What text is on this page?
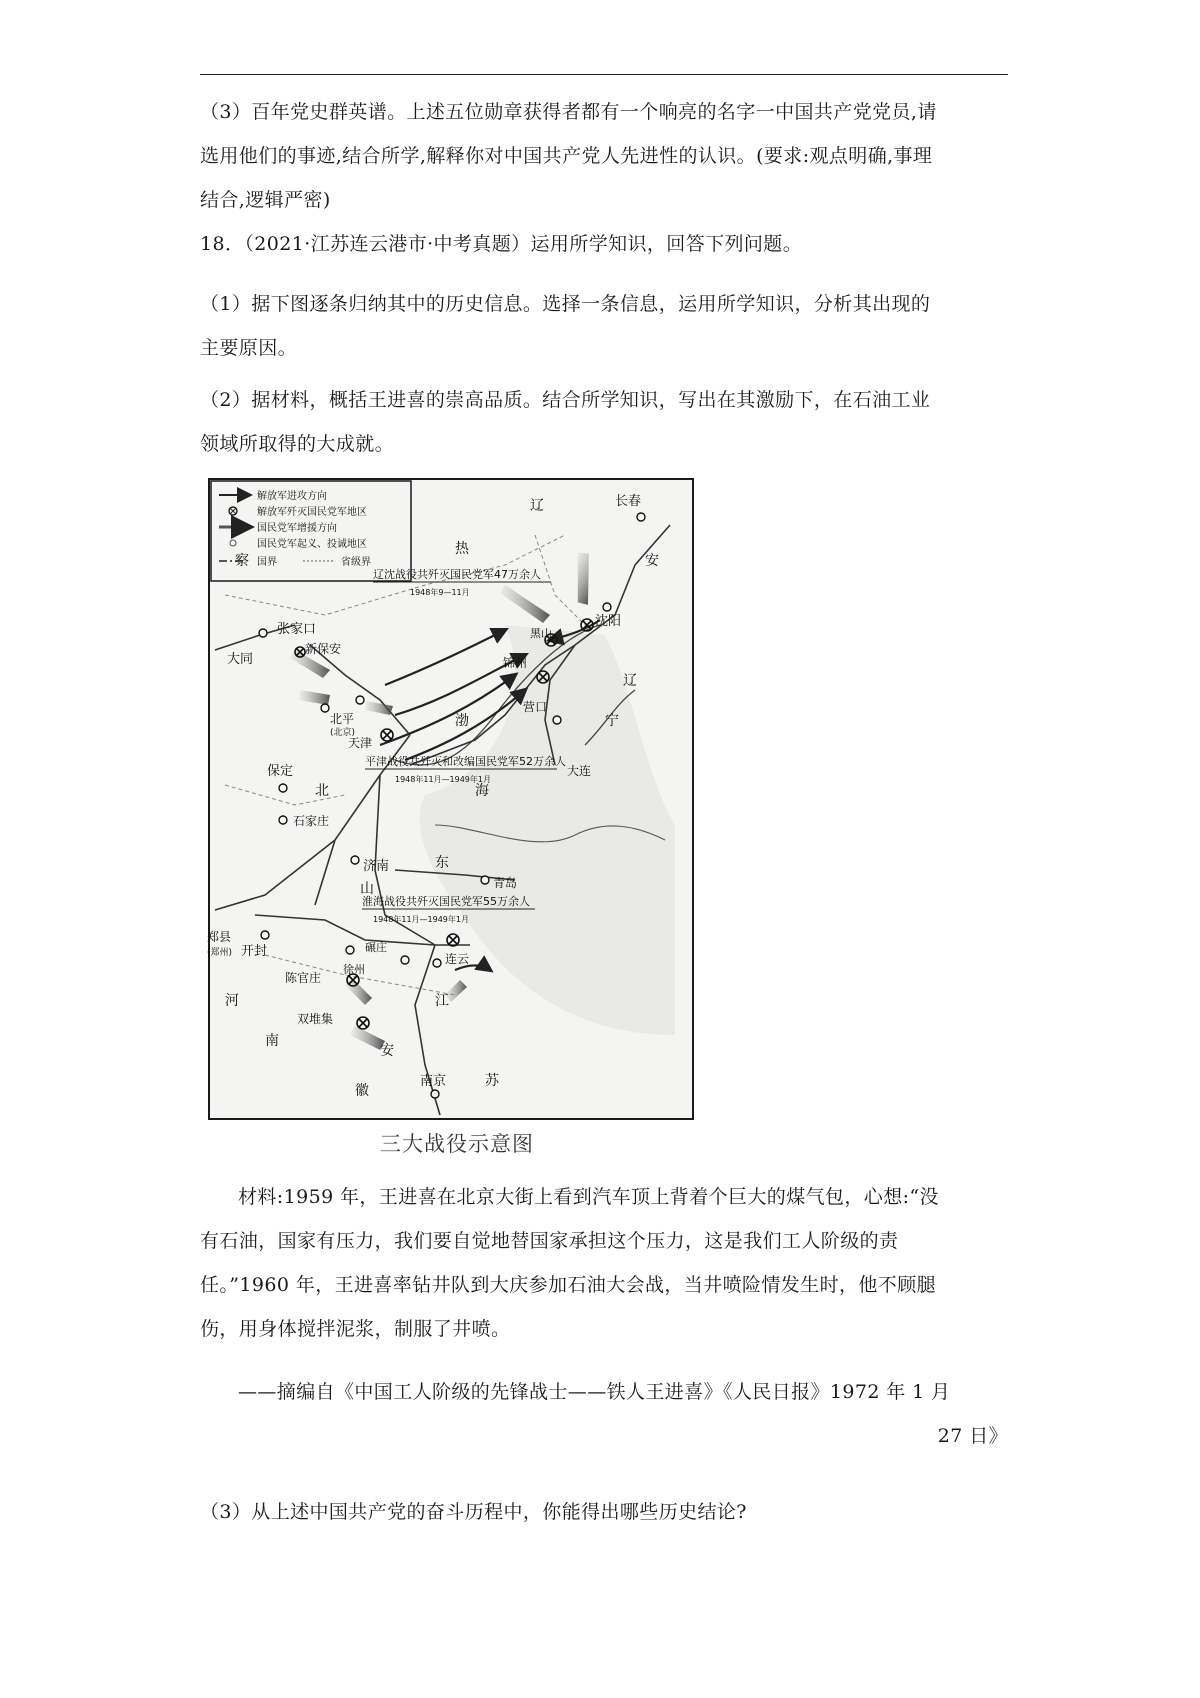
（3）百年党史群英谱。上述五位勋章获得者都有一个响亮的名字一中国共产党党员,请
选用他们的事迹,结合所学,解释你对中国共产党人先进性的认识。(要求:观点明确,事理
结合,逻辑严密)
18．（2021·江苏连云港市·中考真题）运用所学知识，回答下列问题。
（1）据下图逐条归纳其中的历史信息。选择一条信息，运用所学知识，分析其出现的
主要原因。
（2）据材料，概括王进喜的崇高品质。结合所学知识，写出在其激励下，在石油工业
领域所取得的大成就。
解放军进攻方向
解放军歼灭国民党军地区
国民党军增援方向
国民党军起义、投诚地区
国界	省级界
长春
沈阳
黑山
锦州
营口
大连
张家口
新保安
大同
北平
(北京)
天津
保定
石家庄
济南
青岛
郑县
(郑州) 开封
徐州
碾庄
连云
陈官庄
双堆集
南京
辽沈战役共歼灭国民党军47万余人
1948年9—11月
平津战役共歼灭和改编国民党军52万余人
1948年11月—1949年1月
淮海战役共歼灭国民党军55万余人
1948年11月—1949年1月
辽
热
察
辽
宁
安
渤
海
北
山
东
河
南
江
苏
安
徽
三大战役示意图
材料:1959 年，王进喜在北京大街上看到汽车顶上背着个巨大的煤气包，心想:“没
有石油，国家有压力，我们要自觉地替国家承担这个压力，这是我们工人阶级的责
任。”1960 年，王进喜率钻井队到大庆参加石油大会战，当井喷险情发生时，他不顾腿
伤，用身体搅拌泥浆，制服了井喷。
——摘编自《中国工人阶级的先锋战士——铁人王进喜》《人民日报》1972 年 1 月
27 日》
（3）从上述中国共产党的奋斗历程中，你能得出哪些历史结论?
